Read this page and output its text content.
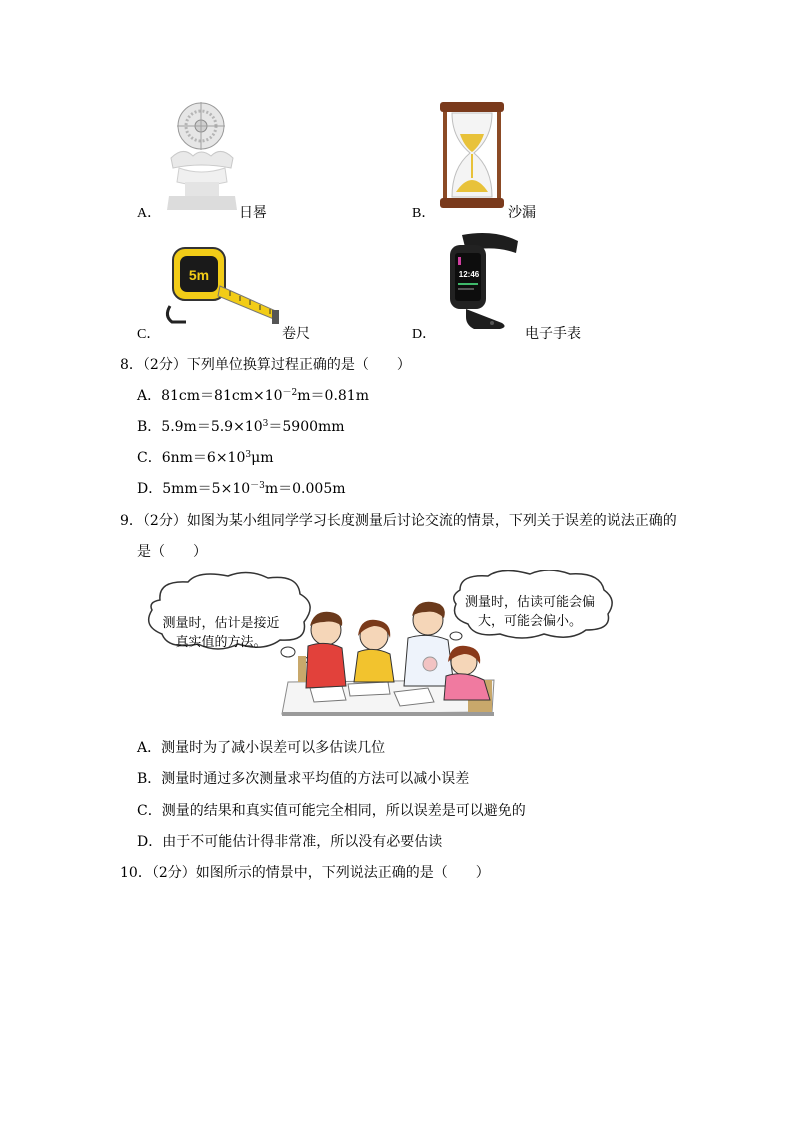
A．	日晷	B．	沙漏
C．
5m
卷尺	D．
12:46
电子手表
8．（2分）下列单位换算过程正确的是（　　）
A．$81cm=81cm\times 10^{-2}m=0.81m$
B．$5.9m=5.9\times 10^3=5900mm$
C．$6nm=6\times 10^3\mu m$
D．$5mm=5\times 10^{-3}m=0.005m$
9．（2分）如图为某小组同学学习长度测量后讨论交流的情景，下列关于误差的说法正确的
是（　　）
测量时，估计是接近
真实值的方法。
测量时，估读可能会偏
大，可能会偏小。
A．测量时为了减小误差可以多估读几位
B．测量时通过多次测量求平均值的方法可以减小误差
C．测量的结果和真实值可能完全相同，所以误差是可以避免的
D．由于不可能估计得非常准，所以没有必要估读
10．（2分）如图所示的情景中，下列说法正确的是（　　）
